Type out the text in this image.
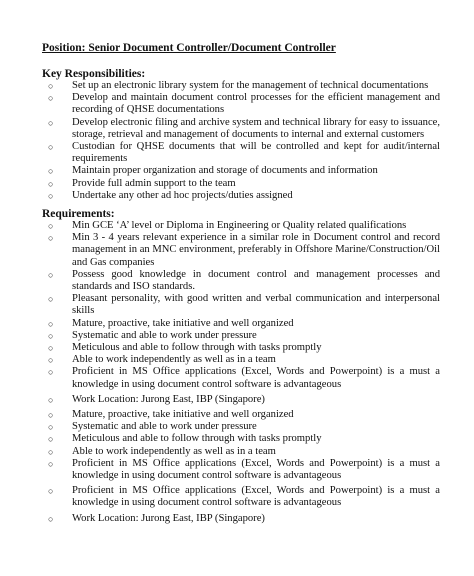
Position: Senior Document Controller/Document Controller
Key Responsibilities:
○ Set up an electronic library system for the management of technical documentations
○ Develop and maintain document control processes for the efficient management and recording of QHSE documentations
○ Develop electronic filing and archive system and technical library for easy to issuance, storage, retrieval and management of documents to internal and external customers
○ Custodian for QHSE documents that will be controlled and kept for audit/internal requirements
○ Maintain proper organization and storage of documents and information
○ Provide full admin support to the team
○ Undertake any other ad hoc projects/duties assigned
Requirements:
○ Min GCE ‘A’ level or Diploma in Engineering or Quality related qualifications
○ Min 3 - 4 years relevant experience in a similar role in Document control and record management in an MNC environment, preferably in Offshore Marine/Construction/Oil and Gas companies
○ Possess good knowledge in document control and management processes and standards and ISO standards.
○ Pleasant personality, with good written and verbal communication and interpersonal skills
○ Mature, proactive, take initiative and well organized
○ Systematic and able to work under pressure
○ Meticulous and able to follow through with tasks promptly
○ Able to work independently as well as in a team
○ Proficient in MS Office applications (Excel, Words and Powerpoint) is a must a knowledge in using document control software is advantageous
○ Work Location: Jurong East, IBP (Singapore)
○ Mature, proactive, take initiative and well organized
○ Systematic and able to work under pressure
○ Meticulous and able to follow through with tasks promptly
○ Able to work independently as well as in a team
○ Proficient in MS Office applications (Excel, Words and Powerpoint) is a must a knowledge in using document control software is advantageous
○ Proficient in MS Office applications (Excel, Words and Powerpoint) is a must a knowledge in using document control software is advantageous
○ Work Location: Jurong East, IBP (Singapore)
